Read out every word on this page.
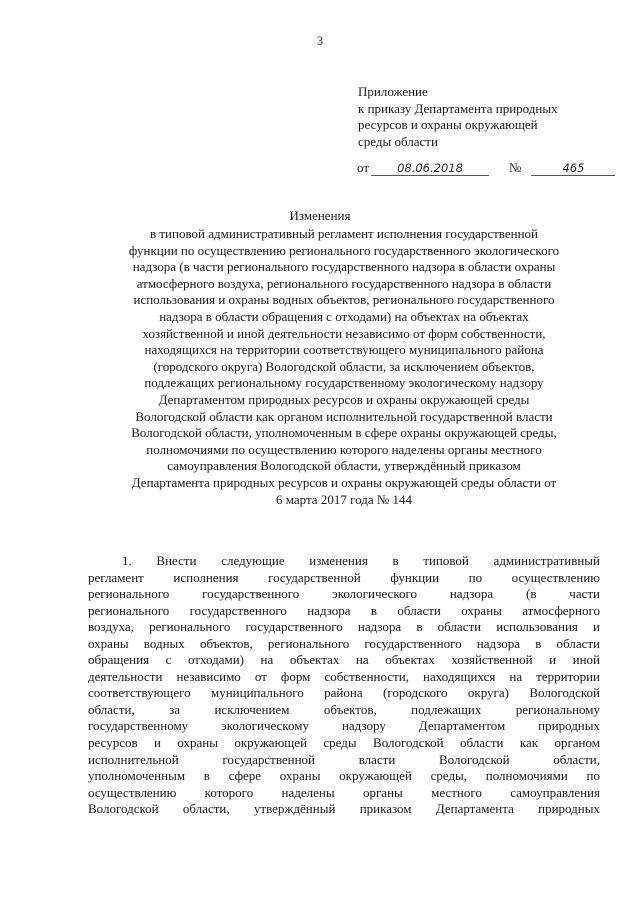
3
Приложение
к приказу Департамента природных
ресурсов и охраны окружающей
среды области
от 08.06.2018	№	465
Изменения
в типовой административный регламент исполнения государственной
функции по осуществлению регионального государственного экологического
надзора (в части регионального государственного надзора в области охраны
атмосферного воздуха, регионального государственного надзора в области
использования и охраны водных объектов, регионального государственного
надзора в области обращения с отходами) на объектах на объектах
хозяйственной и иной деятельности независимо от форм собственности,
находящихся на территории соответствующего муниципального района
(городского округа) Вологодской области, за исключением объектов,
подлежащих региональному государственному экологическому надзору
Департаментом природных ресурсов и охраны окружающей среды
Вологодской области как органом исполнительной государственной власти
Вологодской области, уполномоченным в сфере охраны окружающей среды,
полномочиями по осуществлению которого наделены органы местного
самоуправления Вологодской области, утверждённый приказом
Департамента природных ресурсов и охраны окружающей среды области от
6 марта 2017 года № 144
1. Внести следующие изменения в типовой административный
регламент исполнения государственной функции по осуществлению
регионального государственного экологического надзора (в части
регионального государственного надзора в области охраны атмосферного
воздуха, регионального государственного надзора в области использования и
охраны водных объектов, регионального государственного надзора в области
обращения с отходами) на объектах на объектах хозяйственной и иной
деятельности независимо от форм собственности, находящихся на территории
соответствующего муниципального района (городского округа) Вологодской
области, за исключением объектов, подлежащих региональному
государственному экологическому надзору Департаментом природных
ресурсов и охраны окружающей среды Вологодской области как органом
исполнительной государственной власти Вологодской области,
уполномоченным в сфере охраны окружающей среды, полномочиями по
осуществлению которого наделены органы местного самоуправления
Вологодской области, утверждённый приказом Департамента природных
